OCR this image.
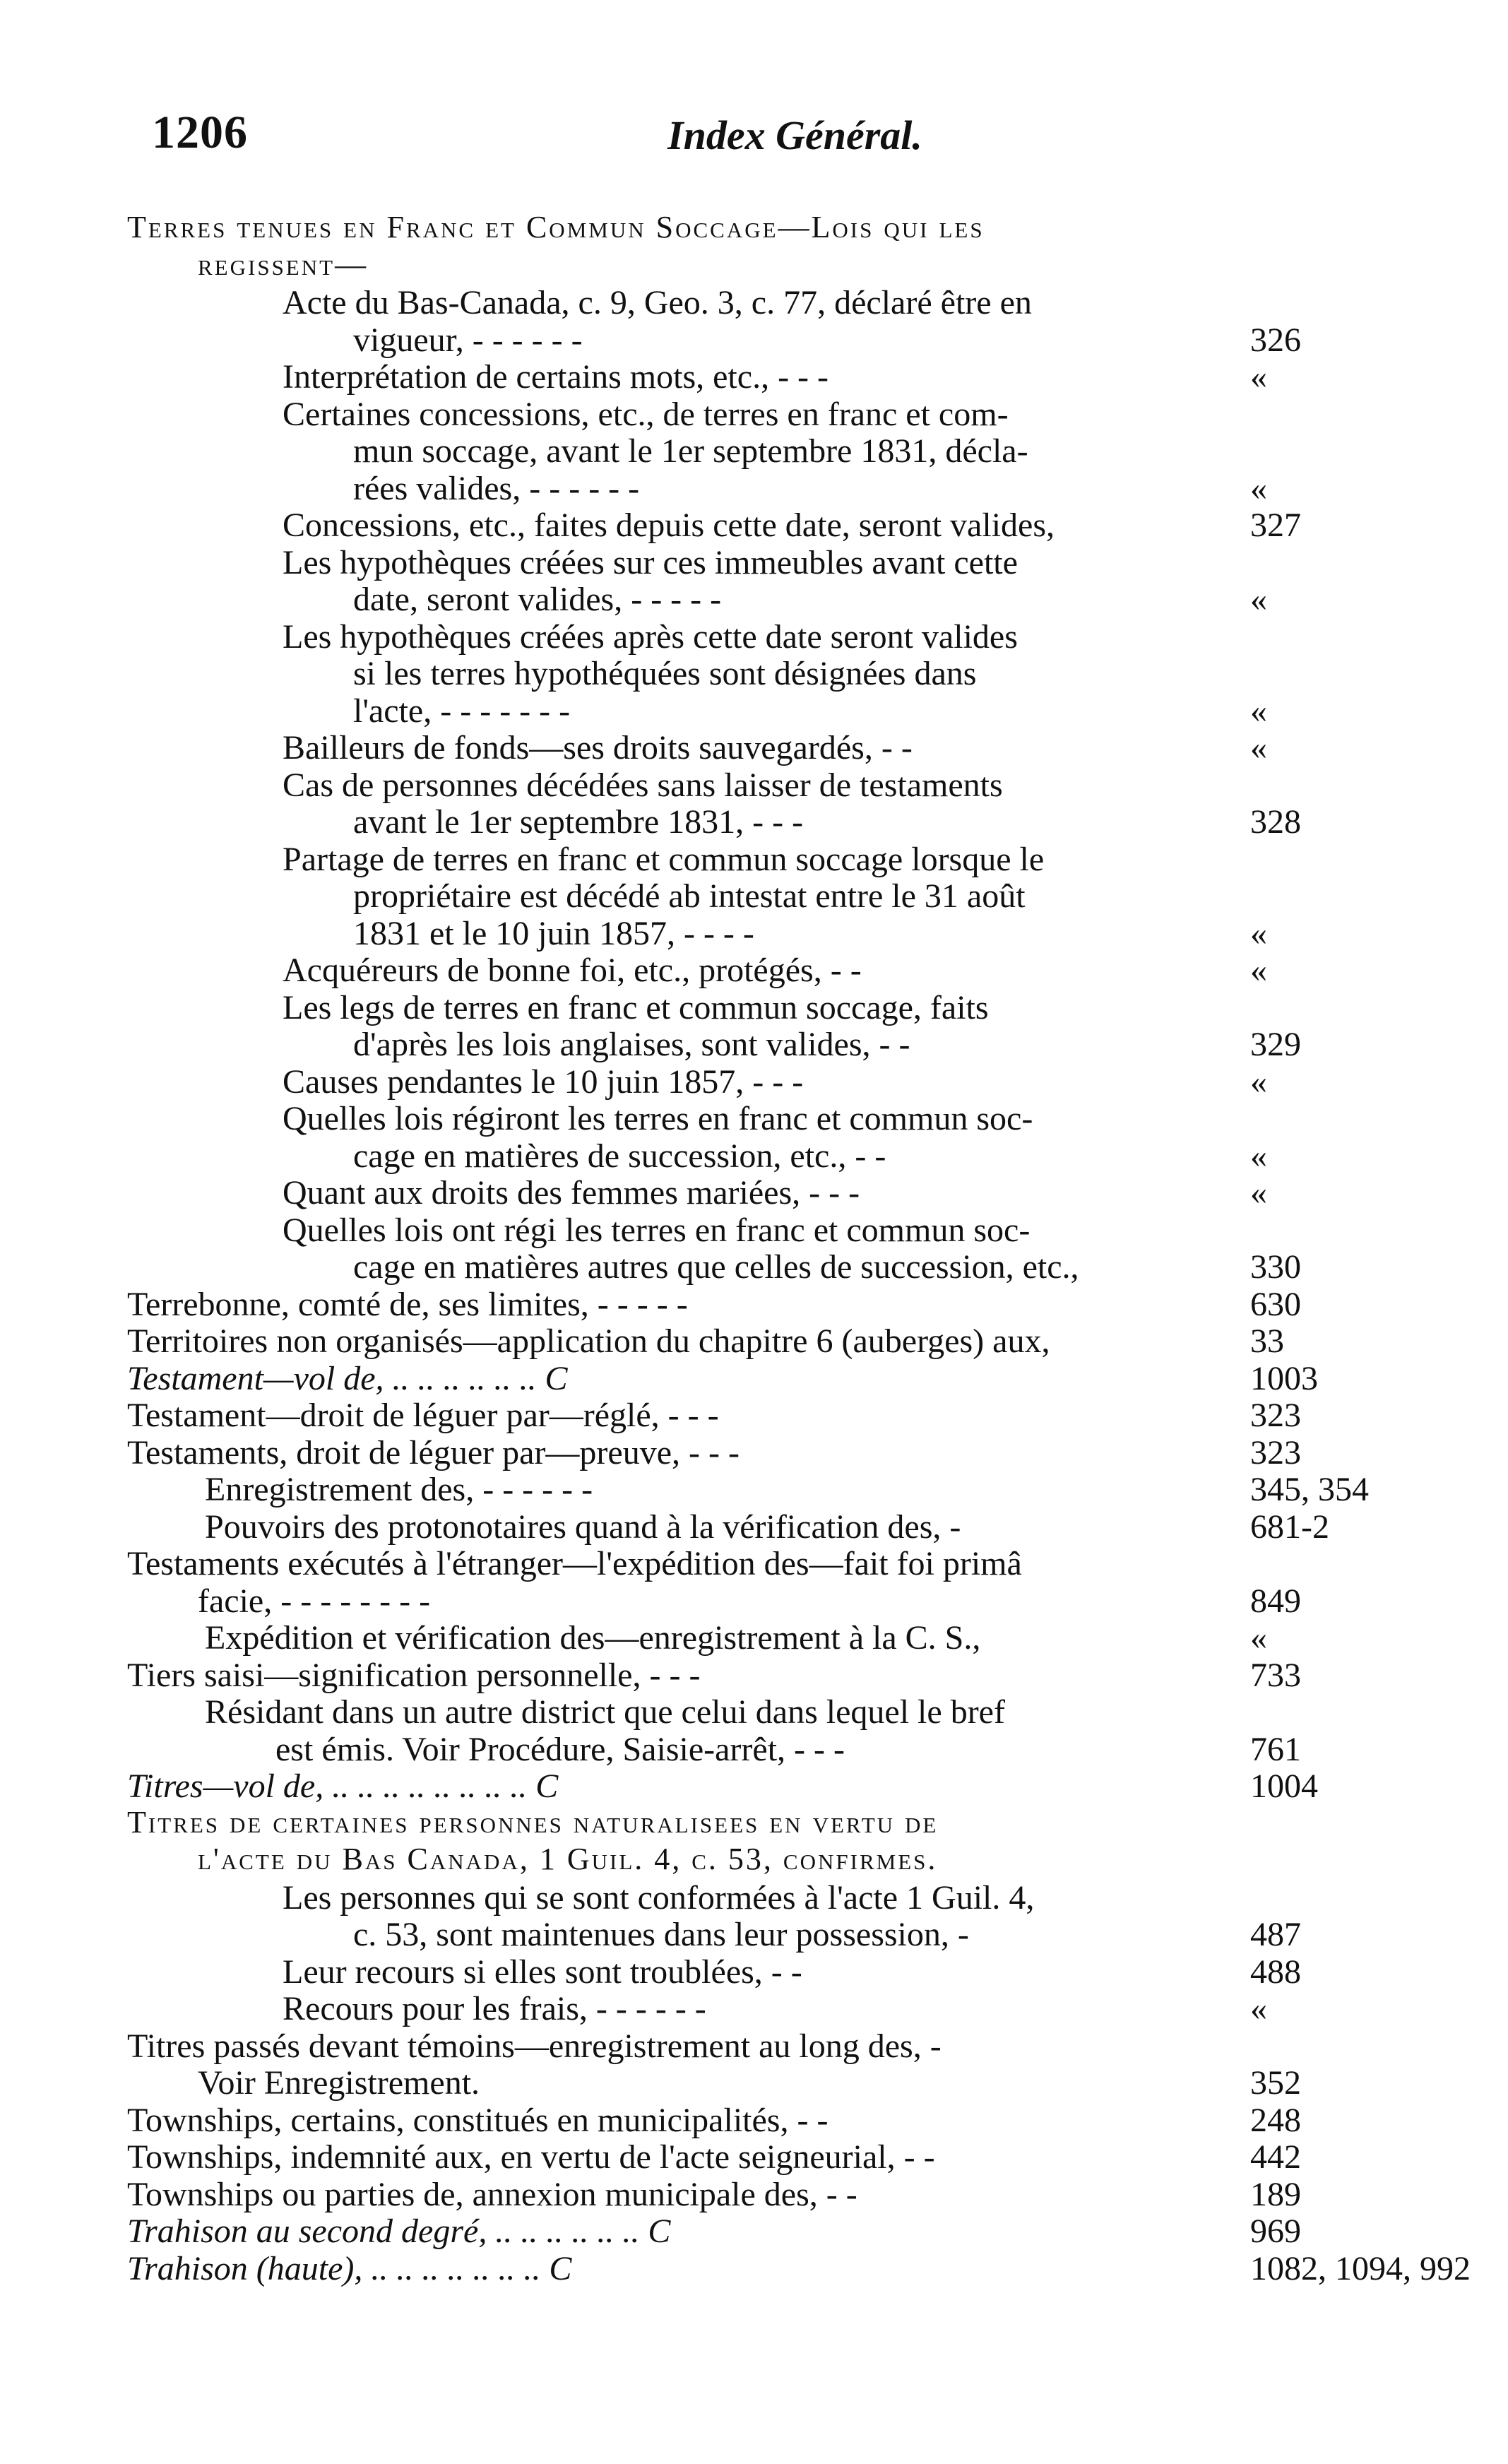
1206	Index Général.
Terres tenues en Franc et Commun Soccage—Lois qui les
regissent—
Acte du Bas-Canada, c. 9, Geo. 3, c. 77, déclaré être en
vigueur, - - - - - -	326
Interprétation de certains mots, etc., - - -	«
Certaines concessions, etc., de terres en franc et com-
mun soccage, avant le 1er septembre 1831, décla-
rées valides, - - - - - -	«
Concessions, etc., faites depuis cette date, seront valides,	327
Les hypothèques créées sur ces immeubles avant cette
date, seront valides, - - - - -	«
Les hypothèques créées après cette date seront valides
si les terres hypothéquées sont désignées dans
l'acte, - - - - - - -	«
Bailleurs de fonds—ses droits sauvegardés, - -	«
Cas de personnes décédées sans laisser de testaments
avant le 1er septembre 1831, - - -	328
Partage de terres en franc et commun soccage lorsque le
propriétaire est décédé ab intestat entre le 31 août
1831 et le 10 juin 1857, - - - -	«
Acquéreurs de bonne foi, etc., protégés, - -	«
Les legs de terres en franc et commun soccage, faits
d'après les lois anglaises, sont valides, - -	329
Causes pendantes le 10 juin 1857, - - -	«
Quelles lois régiront les terres en franc et commun soc-
cage en matières de succession, etc., - -	«
Quant aux droits des femmes mariées, - - -	«
Quelles lois ont régi les terres en franc et commun soc-
cage en matières autres que celles de succession, etc.,	330
Terrebonne, comté de, ses limites, - - - - -	630
Territoires non organisés—application du chapitre 6 (auberges) aux,	33
Testament—vol de, .. .. .. .. .. .. C	1003
Testament—droit de léguer par—réglé, - - -	323
Testaments, droit de léguer par—preuve, - - -	323
Enregistrement des, - - - - - -	345, 354
Pouvoirs des protonotaires quand à la vérification des, -	681-2
Testaments exécutés à l'étranger—l'expédition des—fait foi primâ
facie, - - - - - - - -	849
Expédition et vérification des—enregistrement à la C. S.,	«
Tiers saisi—signification personnelle, - - -	733
Résidant dans un autre district que celui dans lequel le bref
est émis. Voir Procédure, Saisie-arrêt, - - -	761
Titres—vol de, .. .. .. .. .. .. .. .. C	1004
Titres de certaines personnes naturalisees en vertu de
l'acte du Bas Canada, 1 Guil. 4, c. 53, confirmes.
Les personnes qui se sont conformées à l'acte 1 Guil. 4,
c. 53, sont maintenues dans leur possession, -	487
Leur recours si elles sont troublées, - -	488
Recours pour les frais, - - - - - -	«
Titres passés devant témoins—enregistrement au long des, -
Voir Enregistrement.	352
Townships, certains, constitués en municipalités, - -	248
Townships, indemnité aux, en vertu de l'acte seigneurial, - -	442
Townships ou parties de, annexion municipale des, - -	189
Trahison au second degré, .. .. .. .. .. .. C	969
Trahison (haute), .. .. .. .. .. .. .. C	1082, 1094, 992
